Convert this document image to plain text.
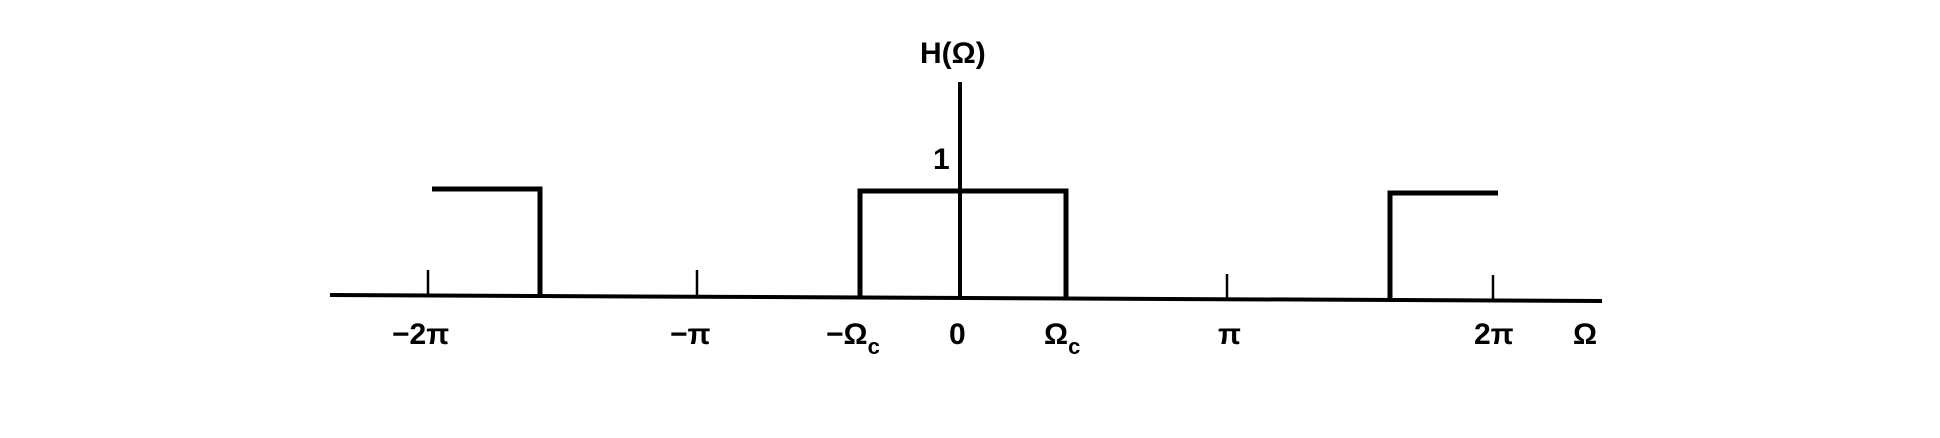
H(Ω)
1
−2π	−π	$-\Omega_c$ 0	$\Omega_c$	π	2π Ω
